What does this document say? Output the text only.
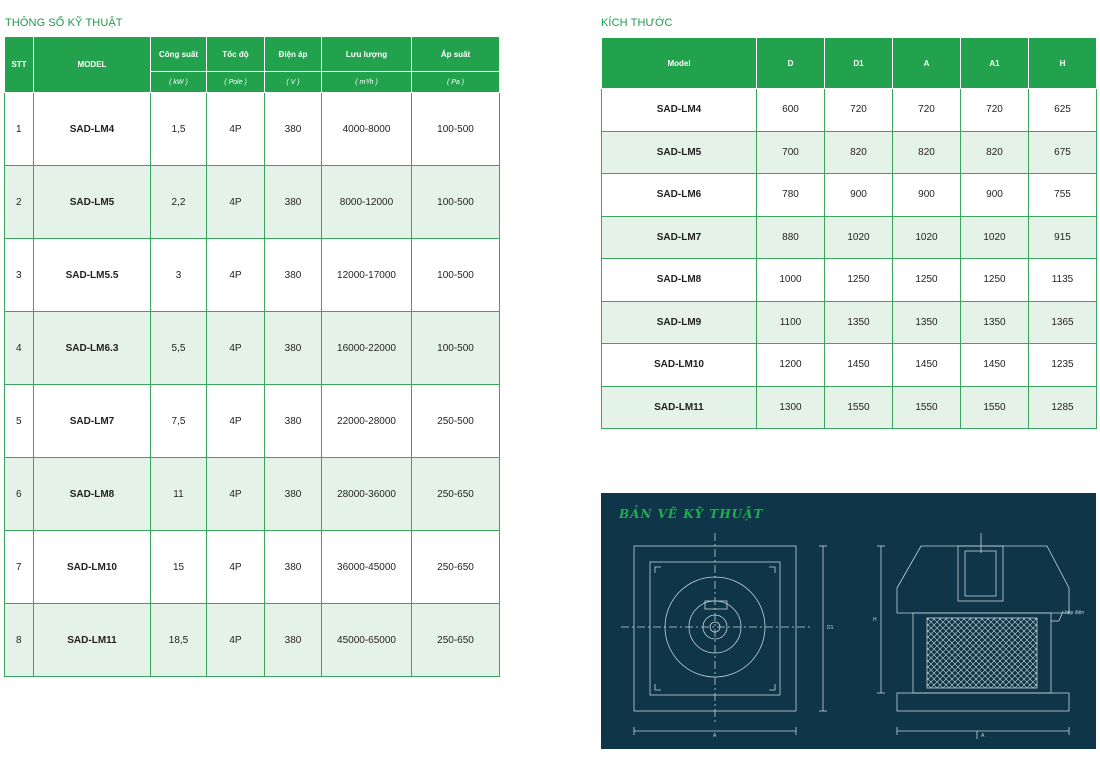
THÔNG SỐ KỸ THUẬT	KÍCH THƯỚC
STT	MODEL	Công suất	Tốc độ	Điện áp	Lưu lượng	Áp suất
		( kW )	( Pole )	( V )	( m³/h )	( Pa )
1	SAD-LM4	1,5	4P	380	4000-8000	100-500
2	SAD-LM5	2,2	4P	380	8000-12000	100-500
3	SAD-LM5.5	3	4P	380	12000-17000	100-500
4	SAD-LM6.3	5,5	4P	380	16000-22000	100-500
5	SAD-LM7	7,5	4P	380	22000-28000	250-500
6	SAD-LM8	11	4P	380	28000-36000	250-650
7	SAD-LM10	15	4P	380	36000-45000	250-650
8	SAD-LM11	18,5	4P	380	45000-65000	250-650
Model	D	D1	A	A1	H
SAD-LM4	600	720	720	720	625
SAD-LM5	700	820	820	820	675
SAD-LM6	780	900	900	900	755
SAD-LM7	880	1020	1020	1020	915
SAD-LM8	1000	1250	1250	1250	1135
SAD-LM9	1100	1350	1350	1350	1365
SAD-LM10	1200	1450	1450	1450	1235
SAD-LM11	1300	1550	1550	1550	1285
BẢN VẼ KỸ THUẬT
hộp điện
A	A
D1
H
